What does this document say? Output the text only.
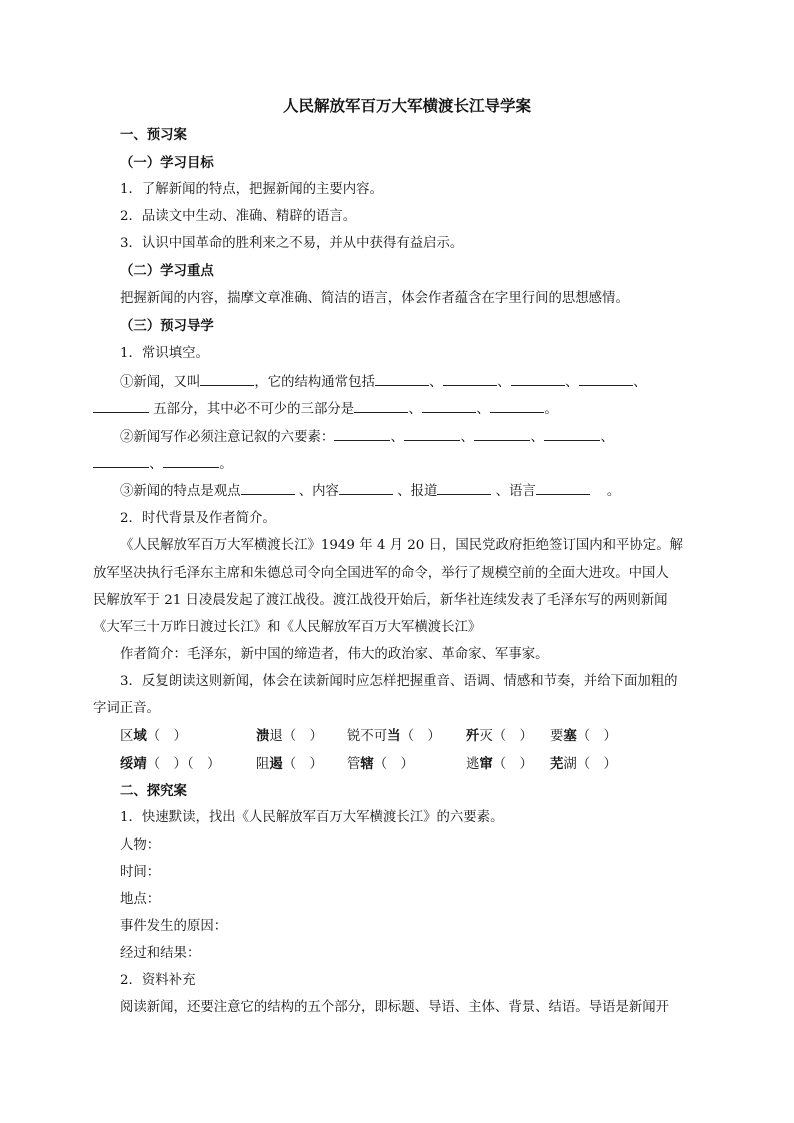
人民解放军百万大军横渡长江导学案
一、预习案
（一）学习目标
1．了解新闻的特点，把握新闻的主要内容。
2．品读文中生动、准确、精辟的语言。
3．认识中国革命的胜利来之不易，并从中获得有益启示。
（二）学习重点
把握新闻的内容，揣摩文章准确、简洁的语言，体会作者蕴含在字里行间的思想感情。
（三）预习导学
1．常识填空。
①新闻，又叫	，它的结构通常包括	、	、	、	、
五部分，其中必不可少的三部分是	、	、	。
②新闻写作必须注意记叙的六要素：	、	、	、	、
、	。
③新闻的特点是观点	、内容	、报道	、语言	。
2．时代背景及作者简介。
《人民解放军百万大军横渡长江》1949 年 4 月 20 日，国民党政府拒绝签订国内和平协定。解
放军坚决执行毛泽东主席和朱德总司令向全国进军的命令，举行了规模空前的全面大进攻。中国人
民解放军于 21 日凌晨发起了渡江战役。渡江战役开始后，新华社连续发表了毛泽东写的两则新闻
《大军三十万昨日渡过长江》和《人民解放军百万大军横渡长江》
作者简介：毛泽东，新中国的缔造者，伟大的政治家、革命家、军事家。
3．反复朗读这则新闻，体会在读新闻时应怎样把握重音、语调、情感和节奏，并给下面加粗的
字词正音。
区域（　）	溃退（　） 锐不可当（　） 歼灭（　） 要塞（　）
绥靖（　）（　）	阻遏（　） 管辖（　）	逃窜（　） 芜湖（　）
二、探究案
1．快速默读，找出《人民解放军百万大军横渡长江》的六要素。
人物：
时间：
地点：
事件发生的原因：
经过和结果：
2．资料补充
阅读新闻，还要注意它的结构的五个部分，即标题、导语、主体、背景、结语。导语是新闻开
